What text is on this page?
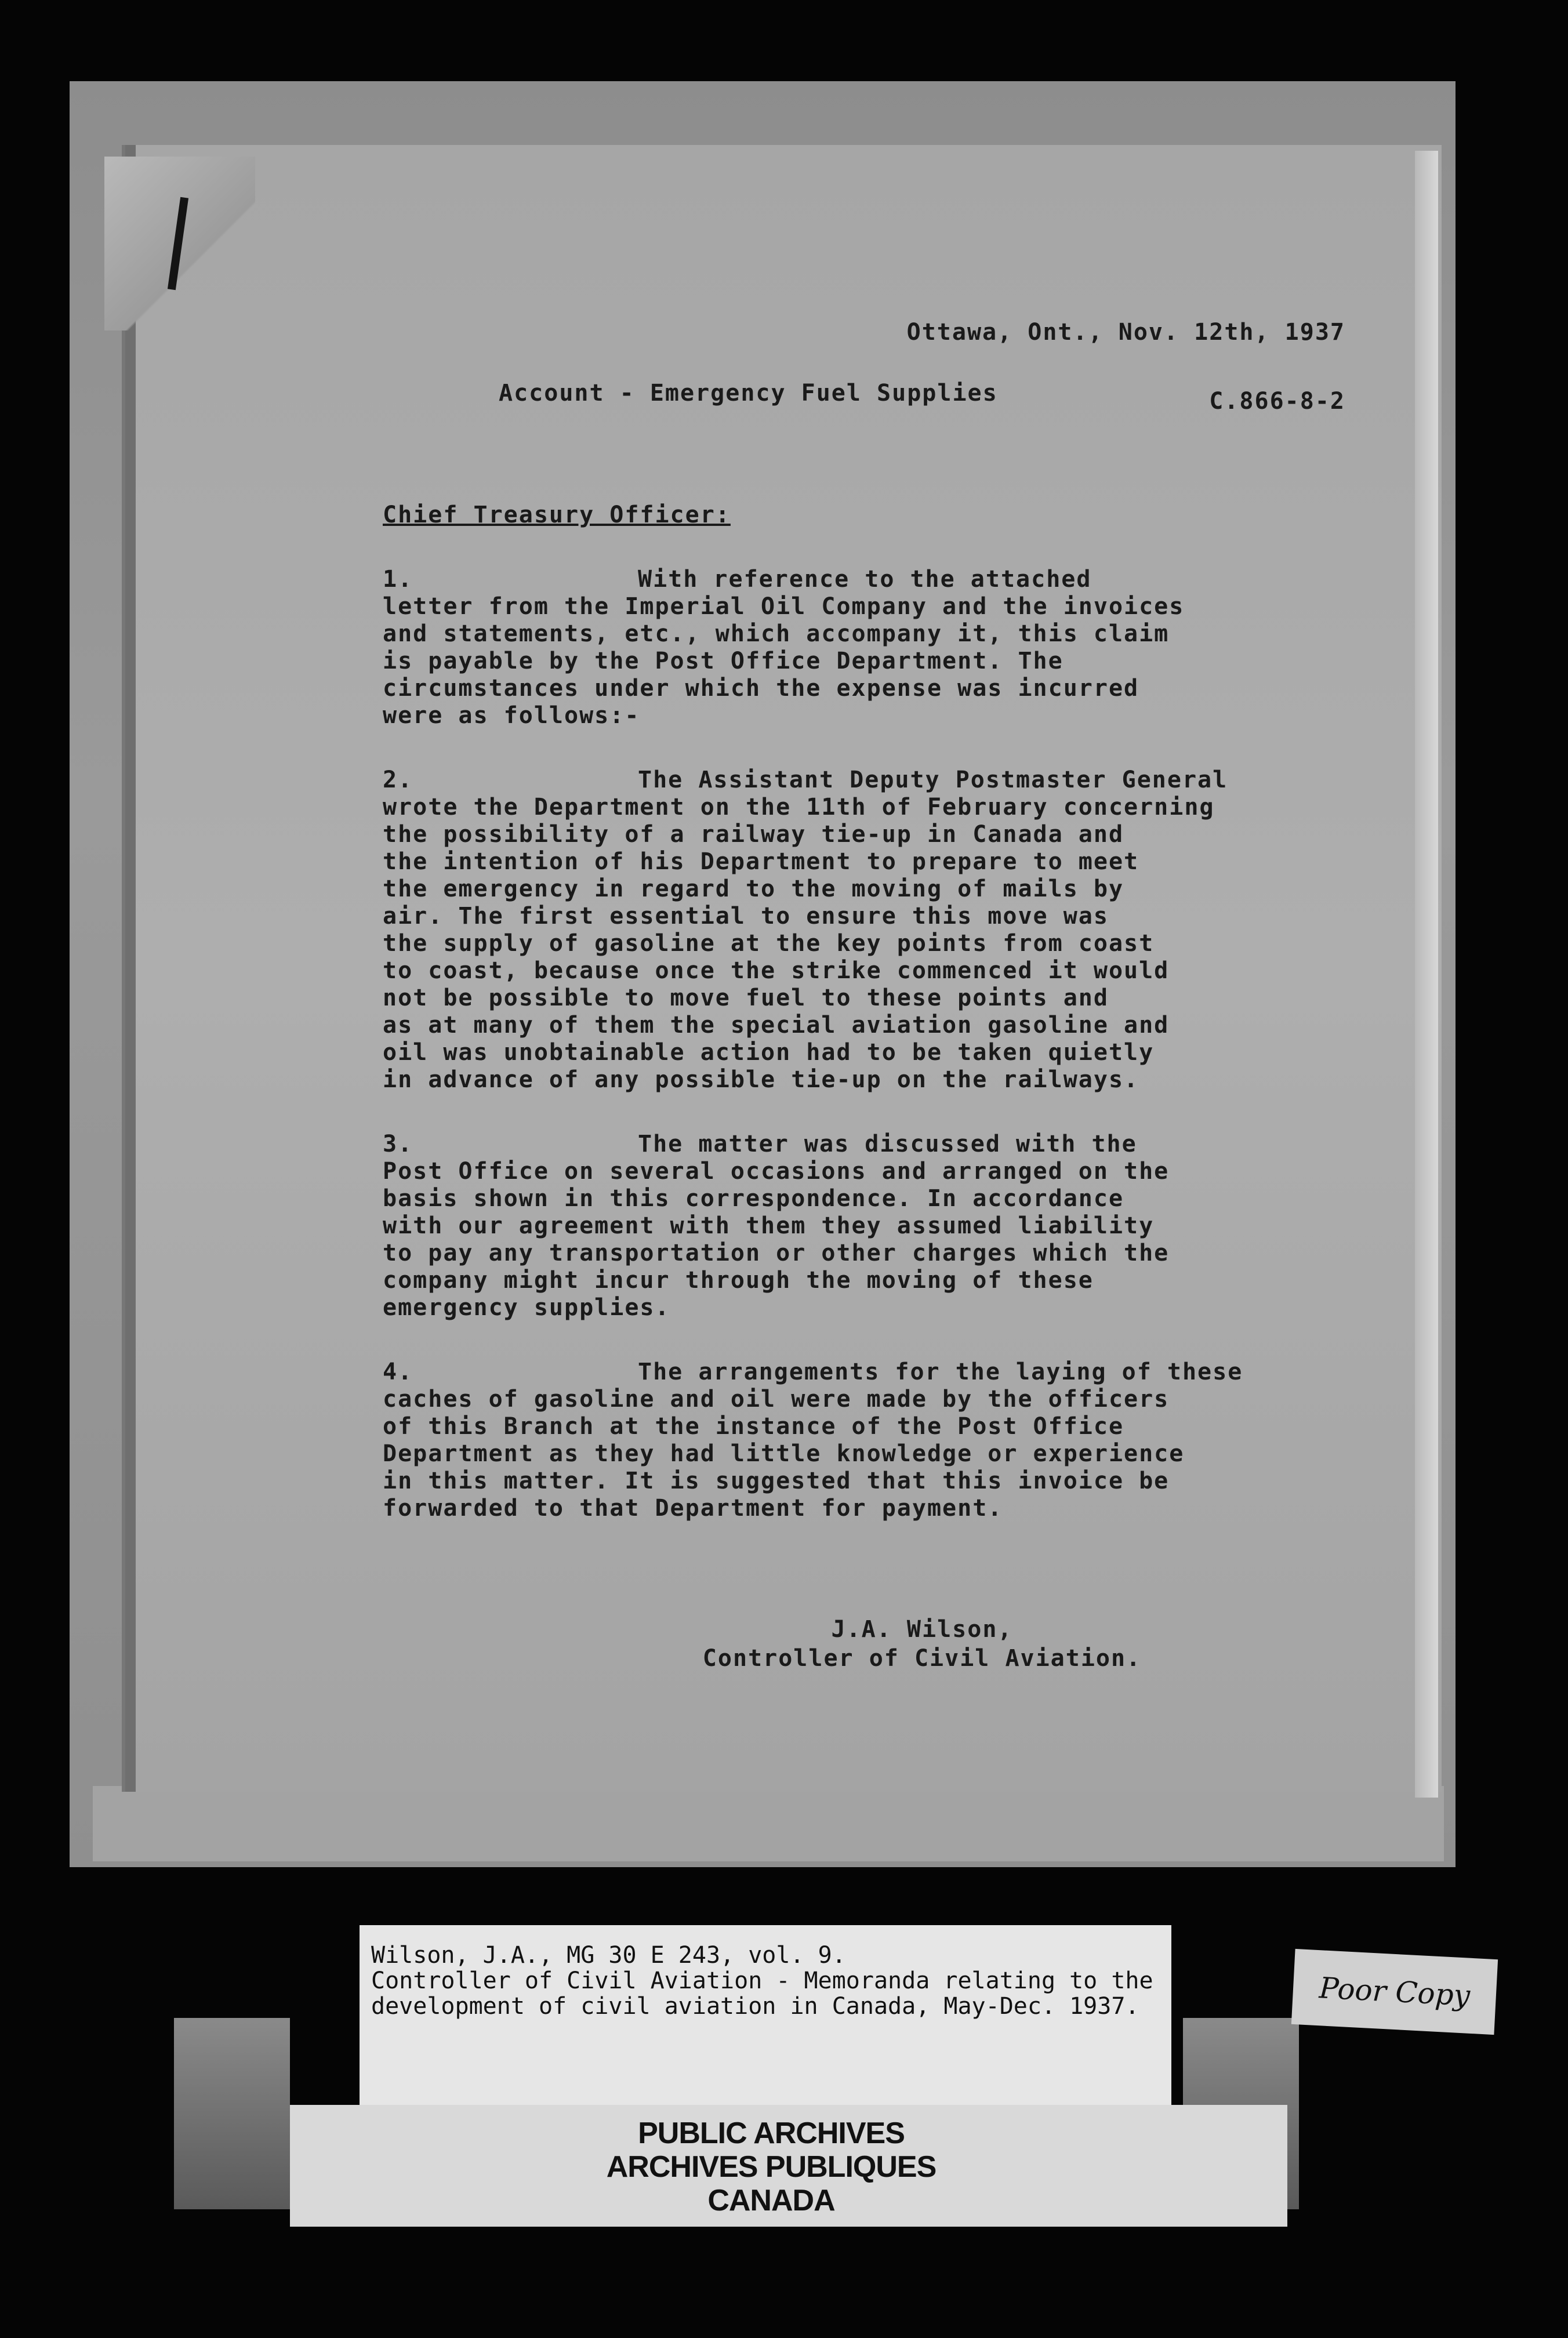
Ottawa, Ont., Nov. 12th, 1937
Account - Emergency Fuel Supplies	C.866-8-2
Chief Treasury Officer:
1.	With reference to the attached
letter from the Imperial Oil Company and the invoices
and statements, etc., which accompany it, this claim
is payable by the Post Office Department. The
circumstances under which the expense was incurred
were as follows:-
2.	The Assistant Deputy Postmaster General
wrote the Department on the 11th of February concerning
the possibility of a railway tie-up in Canada and
the intention of his Department to prepare to meet
the emergency in regard to the moving of mails by
air. The first essential to ensure this move was
the supply of gasoline at the key points from coast
to coast, because once the strike commenced it would
not be possible to move fuel to these points and
as at many of them the special aviation gasoline and
oil was unobtainable action had to be taken quietly
in advance of any possible tie-up on the railways.
3.	The matter was discussed with the
Post Office on several occasions and arranged on the
basis shown in this correspondence. In accordance
with our agreement with them they assumed liability
to pay any transportation or other charges which the
company might incur through the moving of these
emergency supplies.
4.	The arrangements for the laying of these
caches of gasoline and oil were made by the officers
of this Branch at the instance of the Post Office
Department as they had little knowledge or experience
in this matter. It is suggested that this invoice be
forwarded to that Department for payment.
J.A. Wilson,
Controller of Civil Aviation.
Wilson, J.A., MG 30 E 243, vol. 9.
Controller of Civil Aviation - Memoranda relating to the
development of civil aviation in Canada, May-Dec. 1937.
PUBLIC ARCHIVES
ARCHIVES PUBLIQUES
CANADA
Poor Copy
